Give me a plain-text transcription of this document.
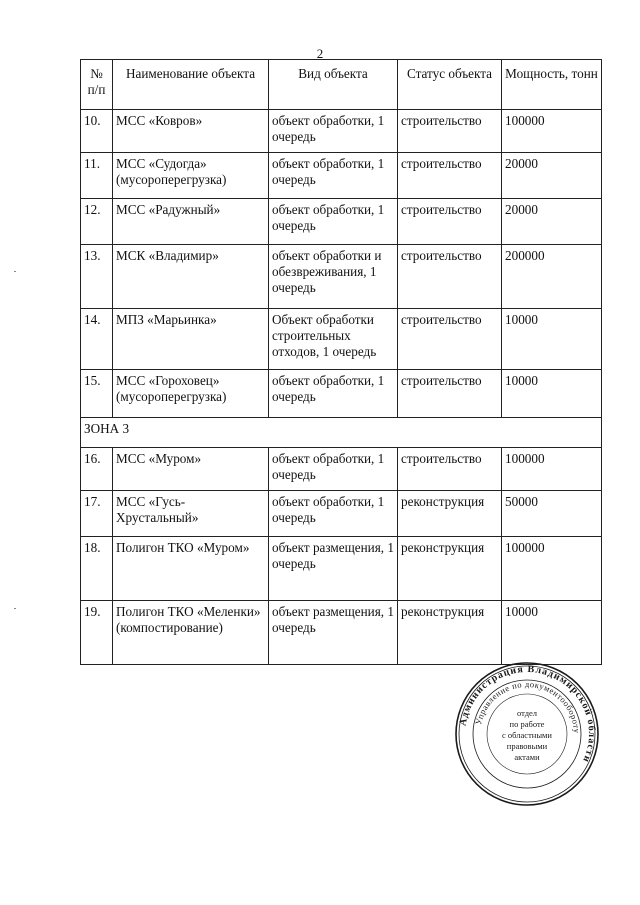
2
№ п/п	Наименование объекта	Вид объекта	Статус объекта	Мощность, тонн
10.	МСС «Ковров»	объект обработки, 1 очередь	строительство	100000
11.	МСС «Судогда» (мусороперегрузка)	объект обработки, 1 очередь	строительство	20000
12.	МСС «Радужный»	объект обработки, 1 очередь	строительство	20000
13.	МСК «Владимир»	объект обработки и обезвреживания, 1 очередь	строительство	200000
14.	МПЗ «Марьинка»	Объект обработки строительных отходов, 1 очередь	строительство	10000
15.	МСС «Гороховец» (мусороперегрузка)	объект обработки, 1 очередь	строительство	10000
ЗОНА 3				
16.	МСС «Муром»	объект обработки, 1 очередь	строительство	100000
17.	МСС «Гусь-Хрустальный»	объект обработки, 1 очередь	реконструкция	50000
18.	Полигон ТКО «Муром»	объект размещения, 1 очередь	реконструкция	100000
19.	Полигон ТКО «Меленки» (компостирование)	объект размещения, 1 очередь	реконструкция	10000
Администрация Владимирской области
Управление по документообороту
отдел
по работе
с областными
правовыми
актами
